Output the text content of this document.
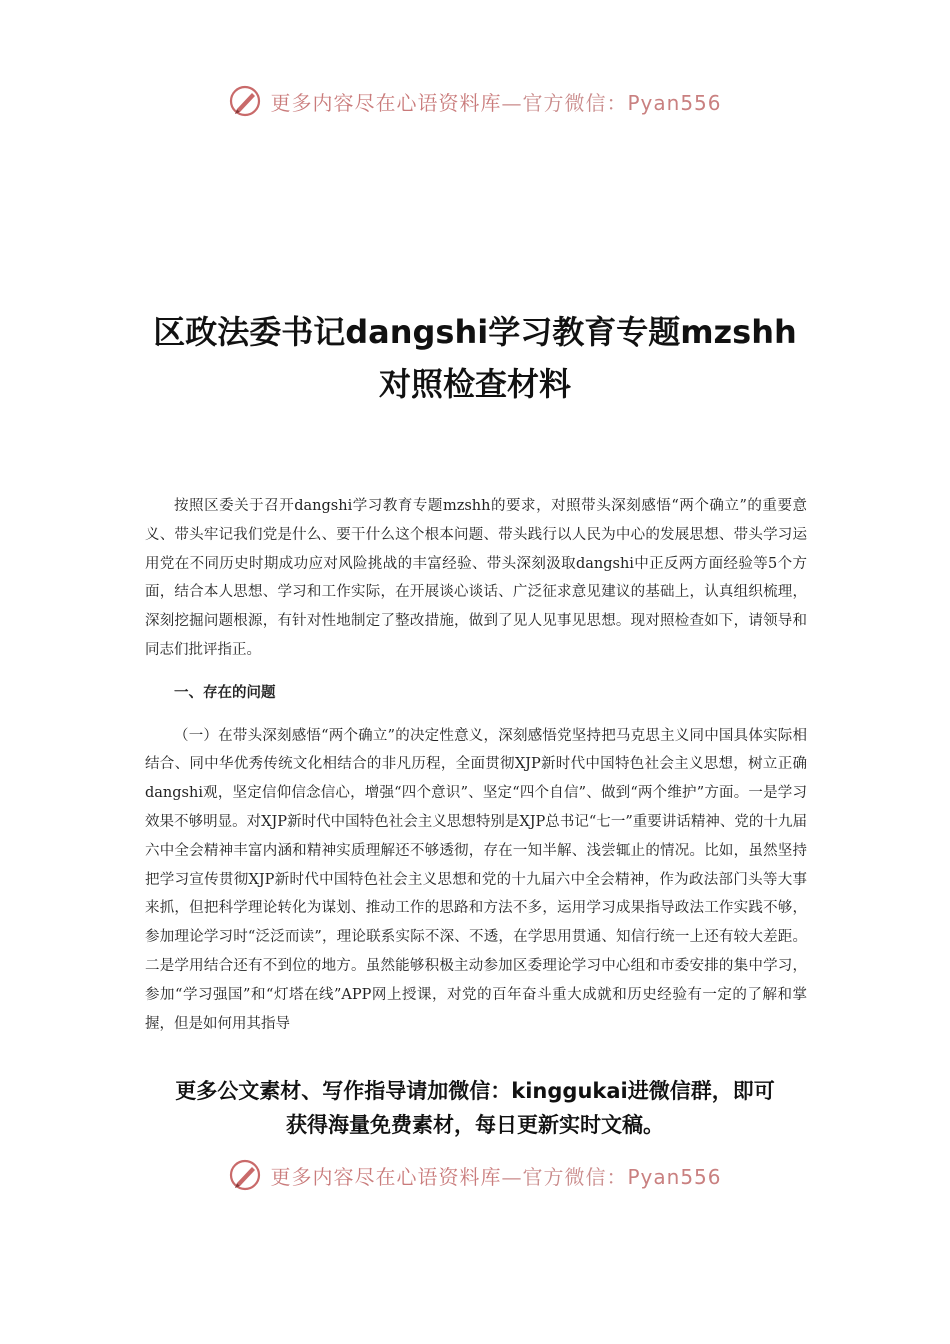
更多内容尽在心语资料库—官方微信：Pyan556
区政法委书记dangshi学习教育专题mzshh
对照检查材料

按照区委关于召开dangshi学习教育专题mzshh的要求，对照带头深刻感悟“两个确立”的重要意义、带头牢记我们党是什么、要干什么这个根本问题、带头践行以人民为中心的发展思想、带头学习运用党在不同历史时期成功应对风险挑战的丰富经验、带头深刻汲取dangshi中正反两方面经验等5个方面，结合本人思想、学习和工作实际，在开展谈心谈话、广泛征求意见建议的基础上，认真组织梳理，深刻挖掘问题根源，有针对性地制定了整改措施，做到了见人见事见思想。现对照检查如下，请领导和同志们批评指正。

一、存在的问题

（一）在带头深刻感悟“两个确立”的决定性意义，深刻感悟党坚持把马克思主义同中国具体实际相结合、同中华优秀传统文化相结合的非凡历程，全面贯彻XJP新时代中国特色社会主义思想，树立正确dangshi观，坚定信仰信念信心，增强“四个意识”、坚定“四个自信”、做到“两个维护”方面。一是学习效果不够明显。对XJP新时代中国特色社会主义思想特别是XJP总书记“七一”重要讲话精神、党的十九届六中全会精神丰富内涵和精神实质理解还不够透彻，存在一知半解、浅尝辄止的情况。比如，虽然坚持把学习宣传贯彻XJP新时代中国特色社会主义思想和党的十九届六中全会精神，作为政法部门头等大事来抓，但把科学理论转化为谋划、推动工作的思路和方法不多，运用学习成果指导政法工作实践不够，参加理论学习时“泛泛而读”，理论联系实际不深、不透，在学思用贯通、知信行统一上还有较大差距。二是学用结合还有不到位的地方。虽然能够积极主动参加区委理论学习中心组和市委安排的集中学习，参加“学习强国”和“灯塔在线”APP网上授课，对党的百年奋斗重大成就和历史经验有一定的了解和掌握，但是如何用其指导

更多公文素材、写作指导请加微信：kinggukai进微信群，即可
获得海量免费素材，每日更新实时文稿。
更多内容尽在心语资料库—官方微信：Pyan556
